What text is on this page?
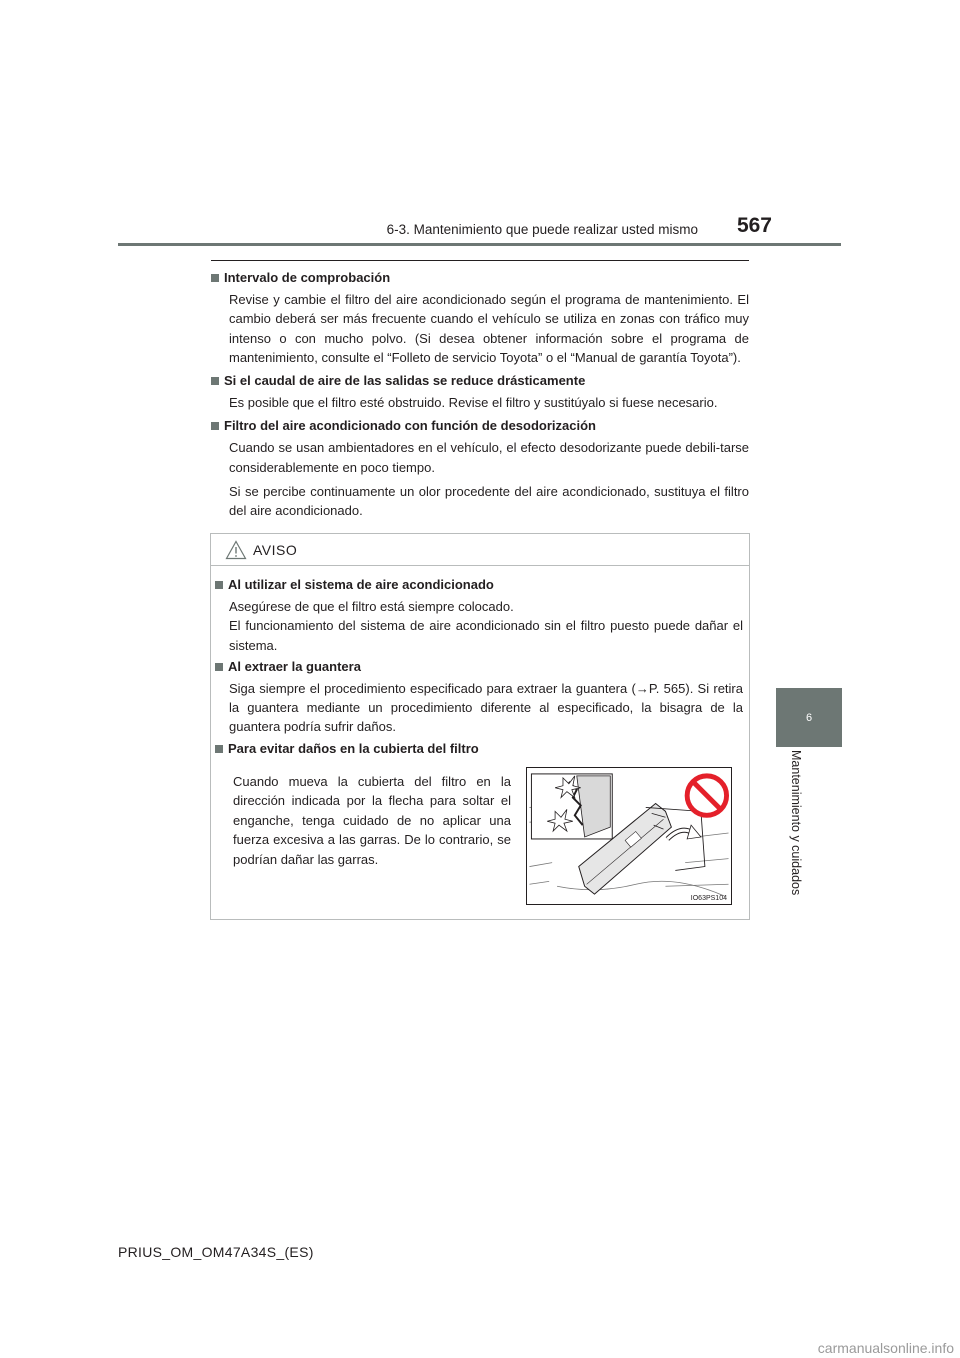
6-3. Mantenimiento que puede realizar usted mismo 567
6
Mantenimiento y cuidados
Intervalo de comprobación

Revise y cambie el filtro del aire acondicionado según el programa de mantenimiento. El cambio deberá ser más frecuente cuando el vehículo se utiliza en zonas con tráfico muy intenso o con mucho polvo. (Si desea obtener información sobre el programa de mantenimiento, consulte el “Folleto de servicio Toyota” o el “Manual de garantía Toyota”).

Si el caudal de aire de las salidas se reduce drásticamente

Es posible que el filtro esté obstruido. Revise el filtro y sustitúyalo si fuese necesario.

Filtro del aire acondicionado con función de desodorización

Cuando se usan ambientadores en el vehículo, el efecto desodorizante puede debili-tarse considerablemente en poco tiempo.

Si se percibe continuamente un olor procedente del aire acondicionado, sustituya el filtro del aire acondicionado.

AVISO
Al utilizar el sistema de aire acondicionado

Asegúrese de que el filtro está siempre colocado.
El funcionamiento del sistema de aire acondicionado sin el filtro puesto puede dañar el sistema.

Al extraer la guantera

Siga siempre el procedimiento especificado para extraer la guantera (→P. 565). Si retira la guantera mediante un procedimiento diferente al especificado, la bisagra de la guantera podría sufrir daños.

Para evitar daños en la cubierta del filtro
Cuando mueva la cubierta del filtro en la dirección indicada por la flecha para soltar el enganche, tenga cuidado de no aplicar una fuerza excesiva a las garras. De lo contrario, se podrían dañar las garras.
IO63PS104
PRIUS_OM_OM47A34S_(ES)
carmanualsonline.info
